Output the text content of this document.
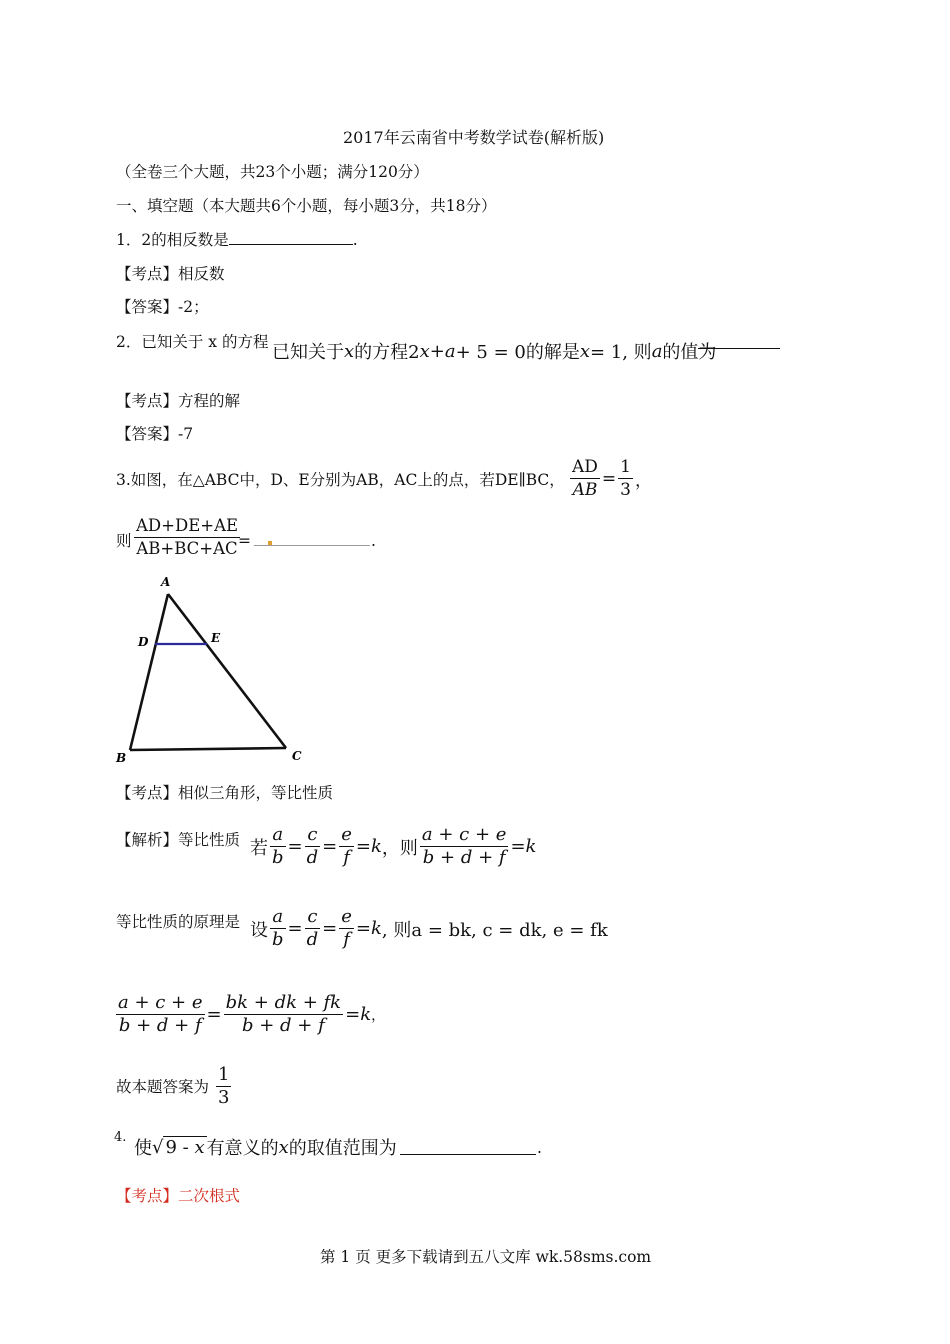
2017年云南省中考数学试卷(解析版)
（全卷三个大题，共23个小题；满分120分）
一、填空题（本大题共6个小题，每小题3分，共18分）
1．2的相反数是	.
【考点】相反数
【答案】-2；
2．已知关于 x 的方程 已知关于 x 的方程2 x + a + 5 = 0的解是 x = 1, 则 a 的值为
【考点】方程的解
【答案】-7
3.如图，在△ABC中，D、E分别为AB，AC上的点，若DE∥BC， $\frac{AD}{AB} = \frac{1}{3}$ ，
则 $\frac{AD+DE+AE}{AB+BC+AC}$
=	.
A
D	E
B	C
【考点】相似三角形，等比性质
【解析】等比性质 若 $\frac{a}{b} = \frac{c}{d} = \frac{e}{f} = k$ ，则 $\frac{a + c + e}{b + d + f} = k$
等比性质的原理是 设 $\frac{a}{b} = \frac{c}{d} = \frac{e}{f} = k$ , 则a = bk, c = dk, e = fk
$\frac{a + c + e}{b + d + f} = \frac{bk + dk + fk}{b + d + f} = k$ ，
故本题答案为 $\frac{1}{3}$
4.
使 √ 9 - x 有意义的 x 的取值范围为	.
【考点】二次根式
第 1 页 更多下载请到五八文库 wk.58sms.com
